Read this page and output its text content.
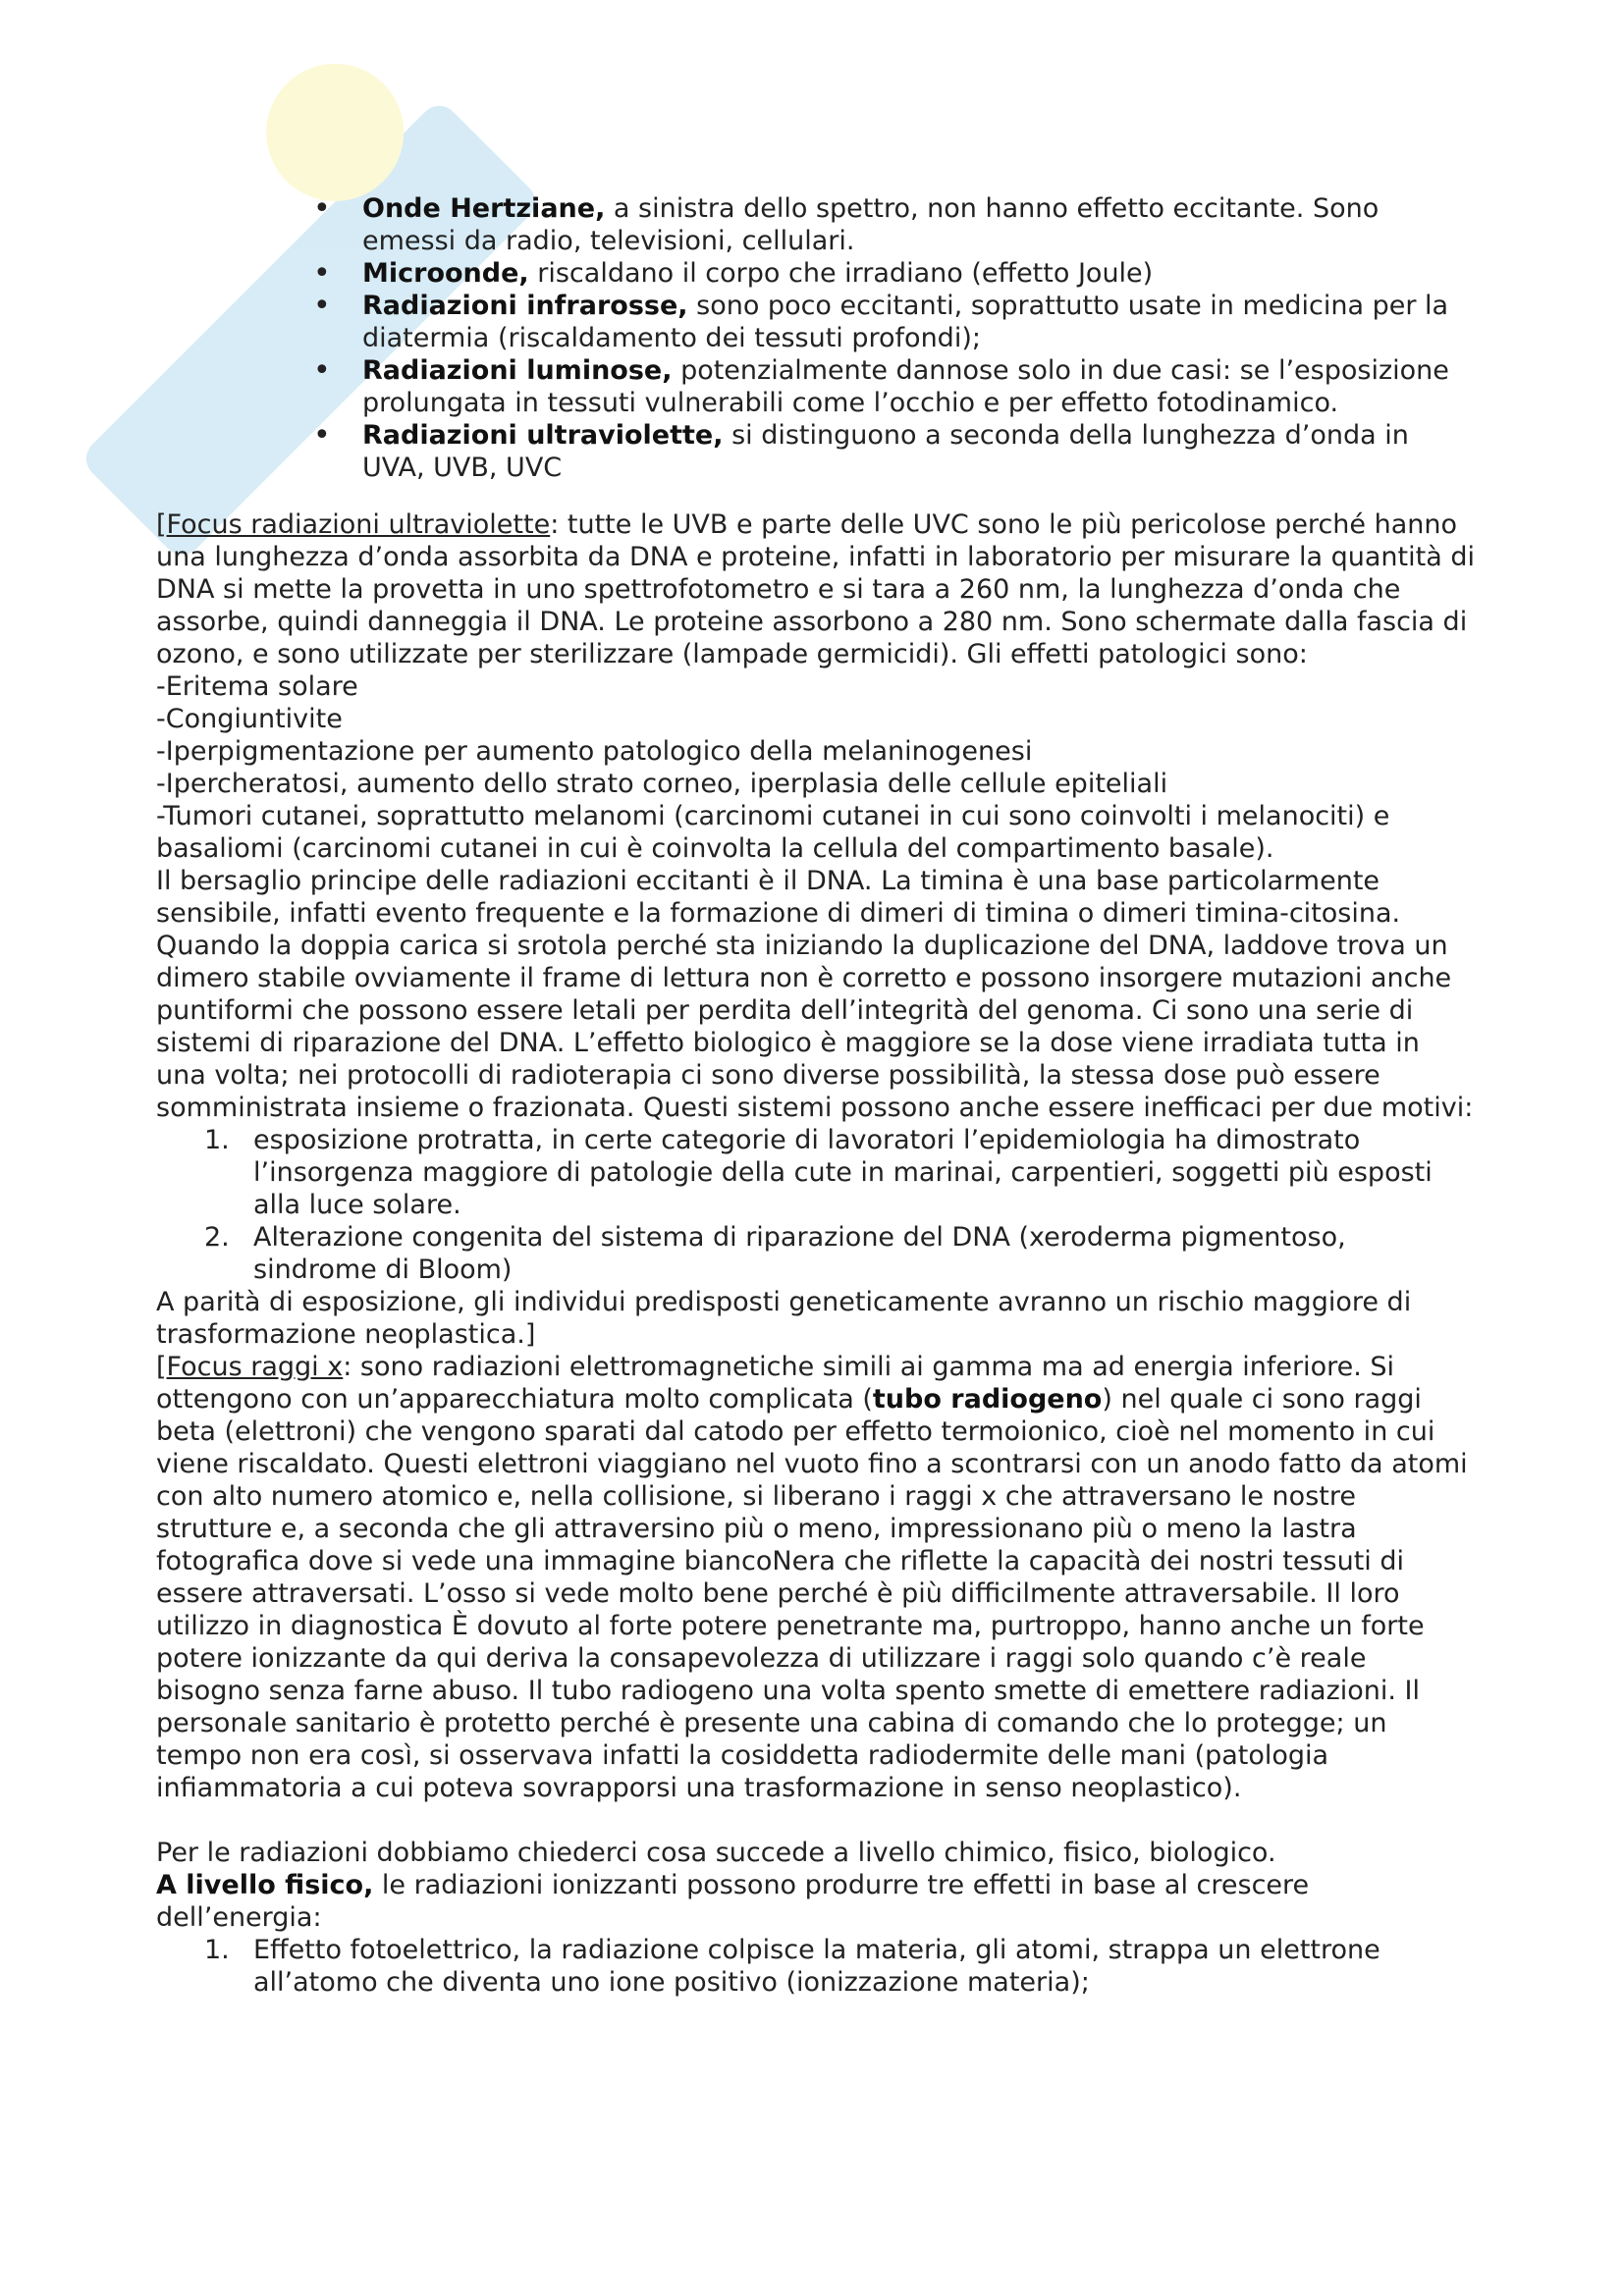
• Onde Hertziane, a sinistra dello spettro, non hanno effetto eccitante. Sono emessi da radio, televisioni, cellulari.
• Microonde, riscaldano il corpo che irradiano (effetto Joule)
• Radiazioni infrarosse, sono poco eccitanti, soprattutto usate in medicina per la diatermia (riscaldamento dei tessuti profondi);
• Radiazioni luminose, potenzialmente dannose solo in due casi: se l’esposizione prolungata in tessuti vulnerabili come l’occhio e per effetto fotodinamico.
• Radiazioni ultraviolette, si distinguono a seconda della lunghezza d’onda in UVA, UVB, UVC

[Focus radiazioni ultraviolette: tutte le UVB e parte delle UVC sono le più pericolose perché hanno una lunghezza d’onda assorbita da DNA e proteine, infatti in laboratorio per misurare la quantità di DNA si mette la provetta in uno spettrofotometro e si tara a 260 nm, la lunghezza d’onda che assorbe, quindi danneggia il DNA. Le proteine assorbono a 280 nm. Sono schermate dalla fascia di ozono, e sono utilizzate per sterilizzare (lampade germicidi). Gli effetti patologici sono:

-Eritema solare

-Congiuntivite

-Iperpigmentazione per aumento patologico della melaninogenesi

-Ipercheratosi, aumento dello strato corneo, iperplasia delle cellule epiteliali

-Tumori cutanei, soprattutto melanomi (carcinomi cutanei in cui sono coinvolti i melanociti) e basaliomi (carcinomi cutanei in cui è coinvolta la cellula del compartimento basale).

Il bersaglio principe delle radiazioni eccitanti è il DNA. La timina è una base particolarmente sensibile, infatti evento frequente e la formazione di dimeri di timina o dimeri timina-citosina. Quando la doppia carica si srotola perché sta iniziando la duplicazione del DNA, laddove trova un dimero stabile ovviamente il frame di lettura non è corretto e possono insorgere mutazioni anche puntiformi che possono essere letali per perdita dell’integrità del genoma. Ci sono una serie di sistemi di riparazione del DNA. L’effetto biologico è maggiore se la dose viene irradiata tutta in una volta; nei protocolli di radioterapia ci sono diverse possibilità, la stessa dose può essere somministrata insieme o frazionata. Questi sistemi possono anche essere inefficaci per due motivi:

1. esposizione protratta, in certe categorie di lavoratori l’epidemiologia ha dimostrato l’insorgenza maggiore di patologie della cute in marinai, carpentieri, soggetti più esposti alla luce solare.
2. Alterazione congenita del sistema di riparazione del DNA (xeroderma pigmentoso, sindrome di Bloom)

A parità di esposizione, gli individui predisposti geneticamente avranno un rischio maggiore di trasformazione neoplastica.]

[Focus raggi x: sono radiazioni elettromagnetiche simili ai gamma ma ad energia inferiore. Si ottengono con un’apparecchiatura molto complicata (tubo radiogeno) nel quale ci sono raggi beta (elettroni) che vengono sparati dal catodo per effetto termoionico, cioè nel momento in cui viene riscaldato. Questi elettroni viaggiano nel vuoto fino a scontrarsi con un anodo fatto da atomi con alto numero atomico e, nella collisione, si liberano i raggi x che attraversano le nostre strutture e, a seconda che gli attraversino più o meno, impressionano più o meno la lastra fotografica dove si vede una immagine biancoNera che riflette la capacità dei nostri tessuti di essere attraversati. L’osso si vede molto bene perché è più difficilmente attraversabile. Il loro utilizzo in diagnostica È dovuto al forte potere penetrante ma, purtroppo, hanno anche un forte potere ionizzante da qui deriva la consapevolezza di utilizzare i raggi solo quando c’è reale bisogno senza farne abuso. Il tubo radiogeno una volta spento smette di emettere radiazioni. Il personale sanitario è protetto perché è presente una cabina di comando che lo protegge; un tempo non era così, si osservava infatti la cosiddetta radiodermite delle mani (patologia infiammatoria a cui poteva sovrapporsi una trasformazione in senso neoplastico).

Per le radiazioni dobbiamo chiederci cosa succede a livello chimico, fisico, biologico.

A livello fisico, le radiazioni ionizzanti possono produrre tre effetti in base al crescere dell’energia:

1. Effetto fotoelettrico, la radiazione colpisce la materia, gli atomi, strappa un elettrone all’atomo che diventa uno ione positivo (ionizzazione materia);
